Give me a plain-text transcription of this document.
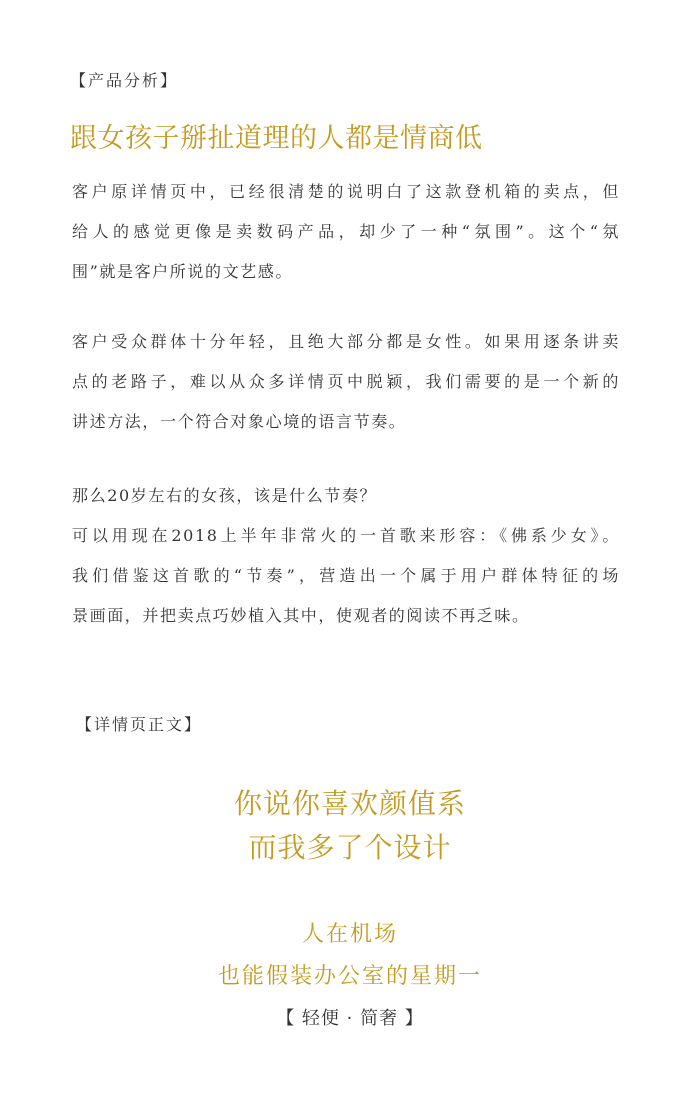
【产品分析】
跟女孩子掰扯道理的人都是情商低
客户原详情页中，已经很清楚的说明白了这款登机箱的卖点，但
给人的感觉更像是卖数码产品，却少了一种“氛围”。这个“氛
围”就是客户所说的文艺感。
客户受众群体十分年轻，且绝大部分都是女性。如果用逐条讲卖
点的老路子，难以从众多详情页中脱颖，我们需要的是一个新的
讲述方法，一个符合对象心境的语言节奏。
那么20岁左右的女孩，该是什么节奏？
可以用现在2018上半年非常火的一首歌来形容：《佛系少女》。
我们借鉴这首歌的“节奏”，营造出一个属于用户群体特征的场
景画面，并把卖点巧妙植入其中，使观者的阅读不再乏味。
【详情页正文】
你说你喜欢颜值系
而我多了个设计
人在机场
也能假装办公室的星期一
【 轻便 · 简奢 】
